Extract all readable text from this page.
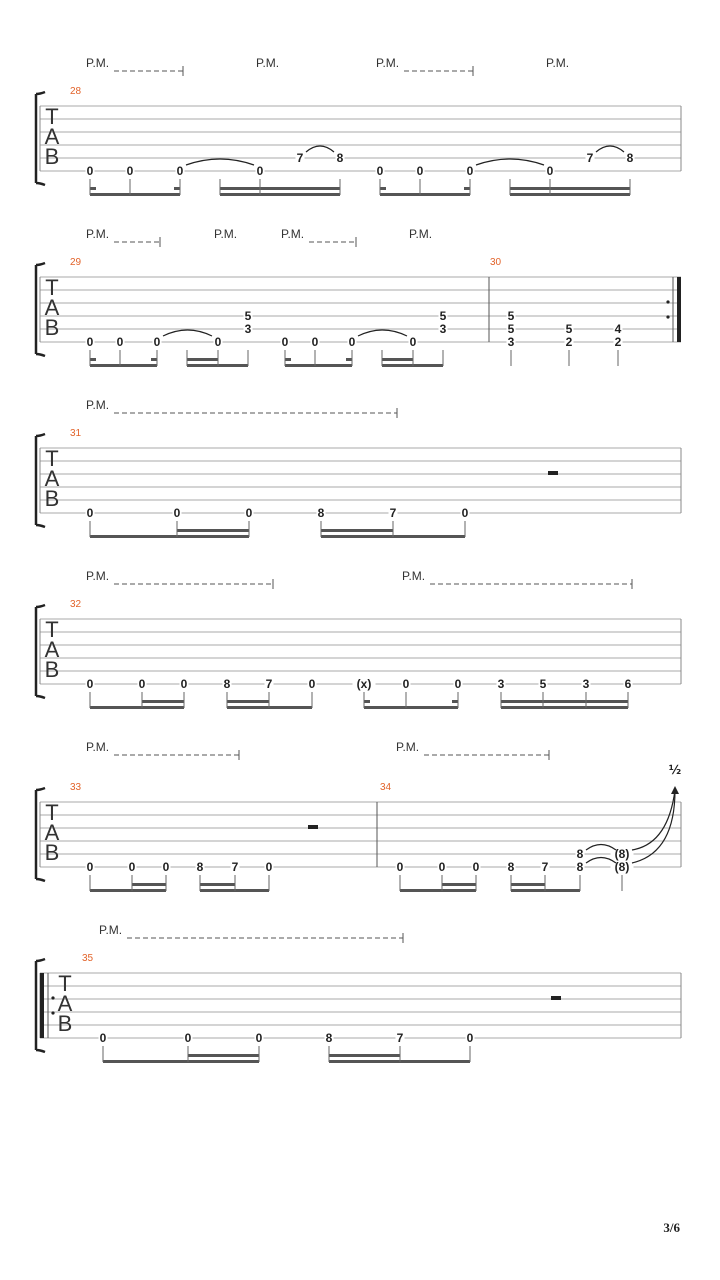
T
A
B
28
P.M.	P.M.	P.M.	P.M.
0	0	0	0
7	8
0	0	0	0
7	8
T
A
B
29	30
P.M.	P.M.	P.M.	P.M.
0 0	0	0
5
3
0 0	0	0
5
3
5
5
3
5
2
4
2
T
A
B
31
P.M.
0	0	0	8	7	0
T
A
B
32
P.M.	P.M.
0	0	0	8	7	0	(x)	0	0	3	5	3	6
T
A
B
33	34
P.M.	P.M.
0	0 0 8 7 0	0	0 0 8 7
8
8
(8)
(8)
½
T
A
B
35
P.M.
0	0	0	8	7	0
3/6
